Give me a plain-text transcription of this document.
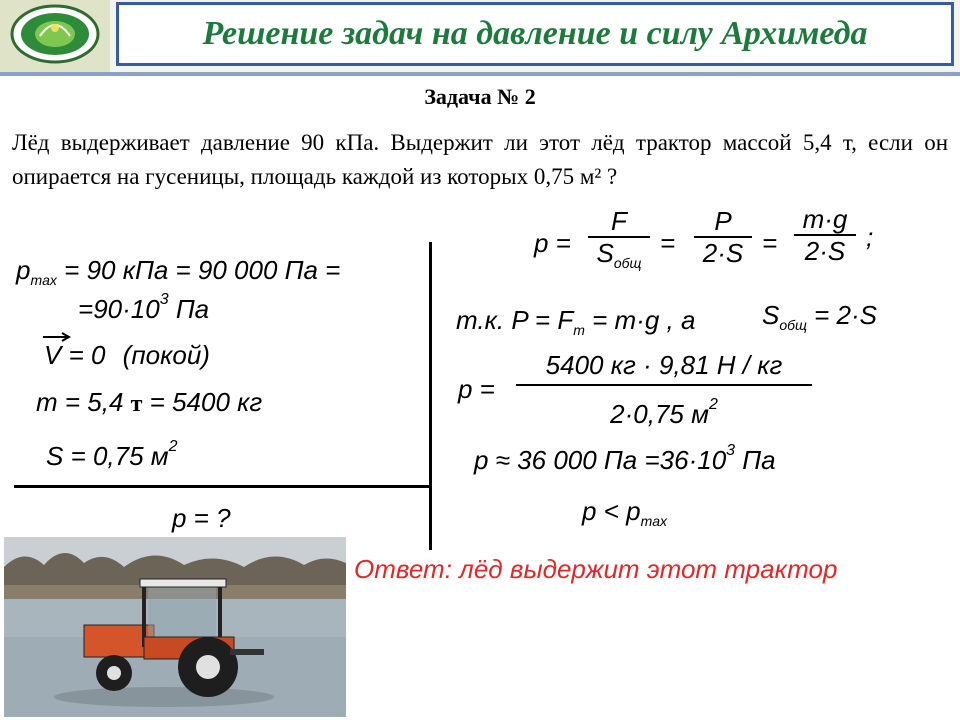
Решение задач на давление и силу Архимеда
Задача № 2
Лёд выдерживает давление 90 кПа. Выдержит ли этот лёд трактор массой 5,4 т, если он опирается на гусеницы, площадь каждой из которых 0,75 м² ?
$p_{max} = 90$ кПа = 90 000 Па =
$=90\cdot 10^3$ Па
V = 0 (покой)
m = 5,4 т = 5400 кг
S = 0,75 $м^2$
p = ?
p =
F
$S_{общ}$
=
P
2·S =
m·g
2·S ;
т.к. $P = F_т = m\cdot g$ , а	$S_{общ} = 2\cdot S$
p =
5400 кг · 9,81 Н / кг
2·0,75 $м^2$
p ≈ 36 000 Па $=36\cdot 10^3$ Па
$p < p_{max}$
Ответ: лёд выдержит этот трактор
